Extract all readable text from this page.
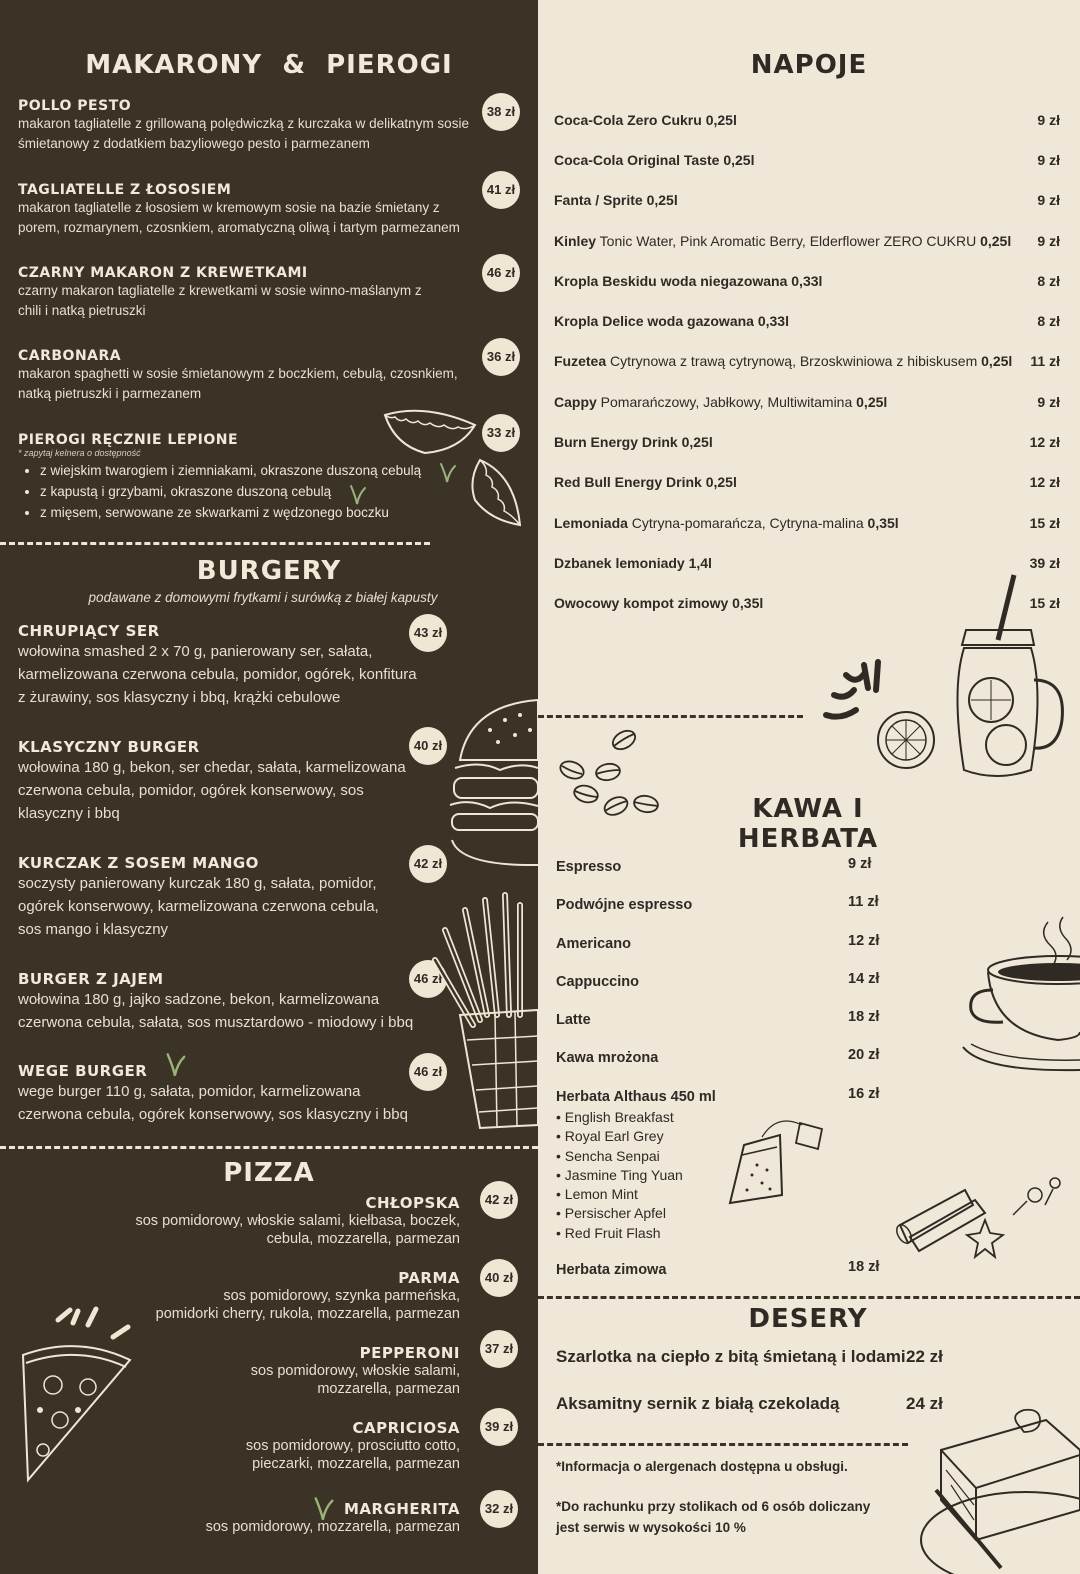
MAKARONY  &  PIEROGI
POLLO PESTO
makaron tagliatelle z grillowaną polędwiczką z kurczaka w delikatnym sosie śmietanowy z dodatkiem bazyliowego pesto i parmezanem
38 zł
TAGLIATELLE Z ŁOSOSIEM
makaron tagliatelle z łososiem w kremowym sosie na bazie śmietany z porem, rozmarynem, czosnkiem, aromatyczną oliwą i tartym parmezanem
41 zł
CZARNY MAKARON Z KREWETKAMI
czarny makaron tagliatelle z krewetkami w sosie winno-maślanym z chili i natką pietruszki
46 zł
CARBONARA
makaron spaghetti w sosie śmietanowym z boczkiem, cebulą, czosnkiem, natką pietruszki i parmezanem
36 zł
PIEROGI RĘCZNIE LEPIONE
* zapytaj kelnera o dostępność
• z wiejskim twarogiem i ziemniakami, okraszone duszoną cebulą
• z kapustą i grzybami, okraszone duszoną cebulą
• z mięsem, serwowane ze skwarkami z wędzonego boczku
33 zł
BURGERY
podawane z domowymi frytkami i surówką z białej kapusty
CHRUPIĄCY SER
wołowina smashed 2 x 70 g, panierowany ser, sałata, karmelizowana czerwona cebula, pomidor, ogórek, konfitura z żurawiny, sos klasyczny i bbq, krążki cebulowe
43 zł
KLASYCZNY BURGER
wołowina 180 g, bekon, ser chedar, sałata, karmelizowana czerwona cebula, pomidor, ogórek konserwowy, sos klasyczny i bbq
40 zł
KURCZAK Z SOSEM MANGO
soczysty panierowany kurczak 180 g, sałata, pomidor, ogórek konserwowy, karmelizowana czerwona cebula, sos mango i klasyczny
42 zł
BURGER Z JAJEM
wołowina 180 g, jajko sadzone, bekon, karmelizowana czerwona cebula, sałata, sos musztardowo - miodowy i bbq
46 zł
WEGE BURGER
wege burger 110 g, sałata, pomidor, karmelizowana czerwona cebula, ogórek konserwowy, sos klasyczny i bbq
46 zł
PIZZA
CHŁOPSKA
sos pomidorowy, włoskie salami, kiełbasa, boczek,
cebula, mozzarella, parmezan
42 zł
PARMA
sos pomidorowy, szynka parmeńska,
pomidorki cherry, rukola, mozzarella, parmezan
40 zł
PEPPERONI
sos pomidorowy, włoskie salami,
mozzarella, parmezan
37 zł
CAPRICIOSA
sos pomidorowy, prosciutto cotto,
pieczarki, mozzarella, parmezan
39 zł
MARGHERITA
sos pomidorowy, mozzarella, parmezan
32 zł
NAPOJE
Coca-Cola Zero Cukru 0,25l	9 zł
Coca-Cola Original Taste 0,25l	9 zł
Fanta / Sprite 0,25l	9 zł
Kinley Tonic Water, Pink Aromatic Berry, Elderflower ZERO CUKRU 0,25l 9 zł
Kropla Beskidu woda niegazowana 0,33l	8 zł
Kropla Delice woda gazowana 0,33l	8 zł
Fuzetea Cytrynowa z trawą cytrynową, Brzoskwiniowa z hibiskusem 0,25l 11 zł
Cappy Pomarańczowy, Jabłkowy, Multiwitamina 0,25l	9 zł
Burn Energy Drink 0,25l	12 zł
Red Bull Energy Drink 0,25l	12 zł
Lemoniada Cytryna-pomarańcza, Cytryna-malina 0,35l	15 zł
Dzbanek lemoniady 1,4l	39 zł
Owocowy kompot zimowy 0,35l	15 zł
KAWA I HERBATA
Espresso	9 zł
Podwójne espresso	11 zł
Americano	12 zł
Cappuccino	14 zł
Latte	18 zł
Kawa mrożona	20 zł
Herbata Althaus 450 ml	16 zł
• English Breakfast
• Royal Earl Grey
• Sencha Senpai
• Jasmine Ting Yuan
• Lemon Mint
• Persischer Apfel
• Red Fruit Flash
Herbata zimowa	18 zł
DESERY
Szarlotka na ciepło z bitą śmietaną i lodami 22 zł
Aksamitny sernik z białą czekoladą	24 zł
*Informacja o alergenach dostępna u obsługi.
*Do rachunku przy stolikach od 6 osób doliczany
jest serwis w wysokości 10 %
